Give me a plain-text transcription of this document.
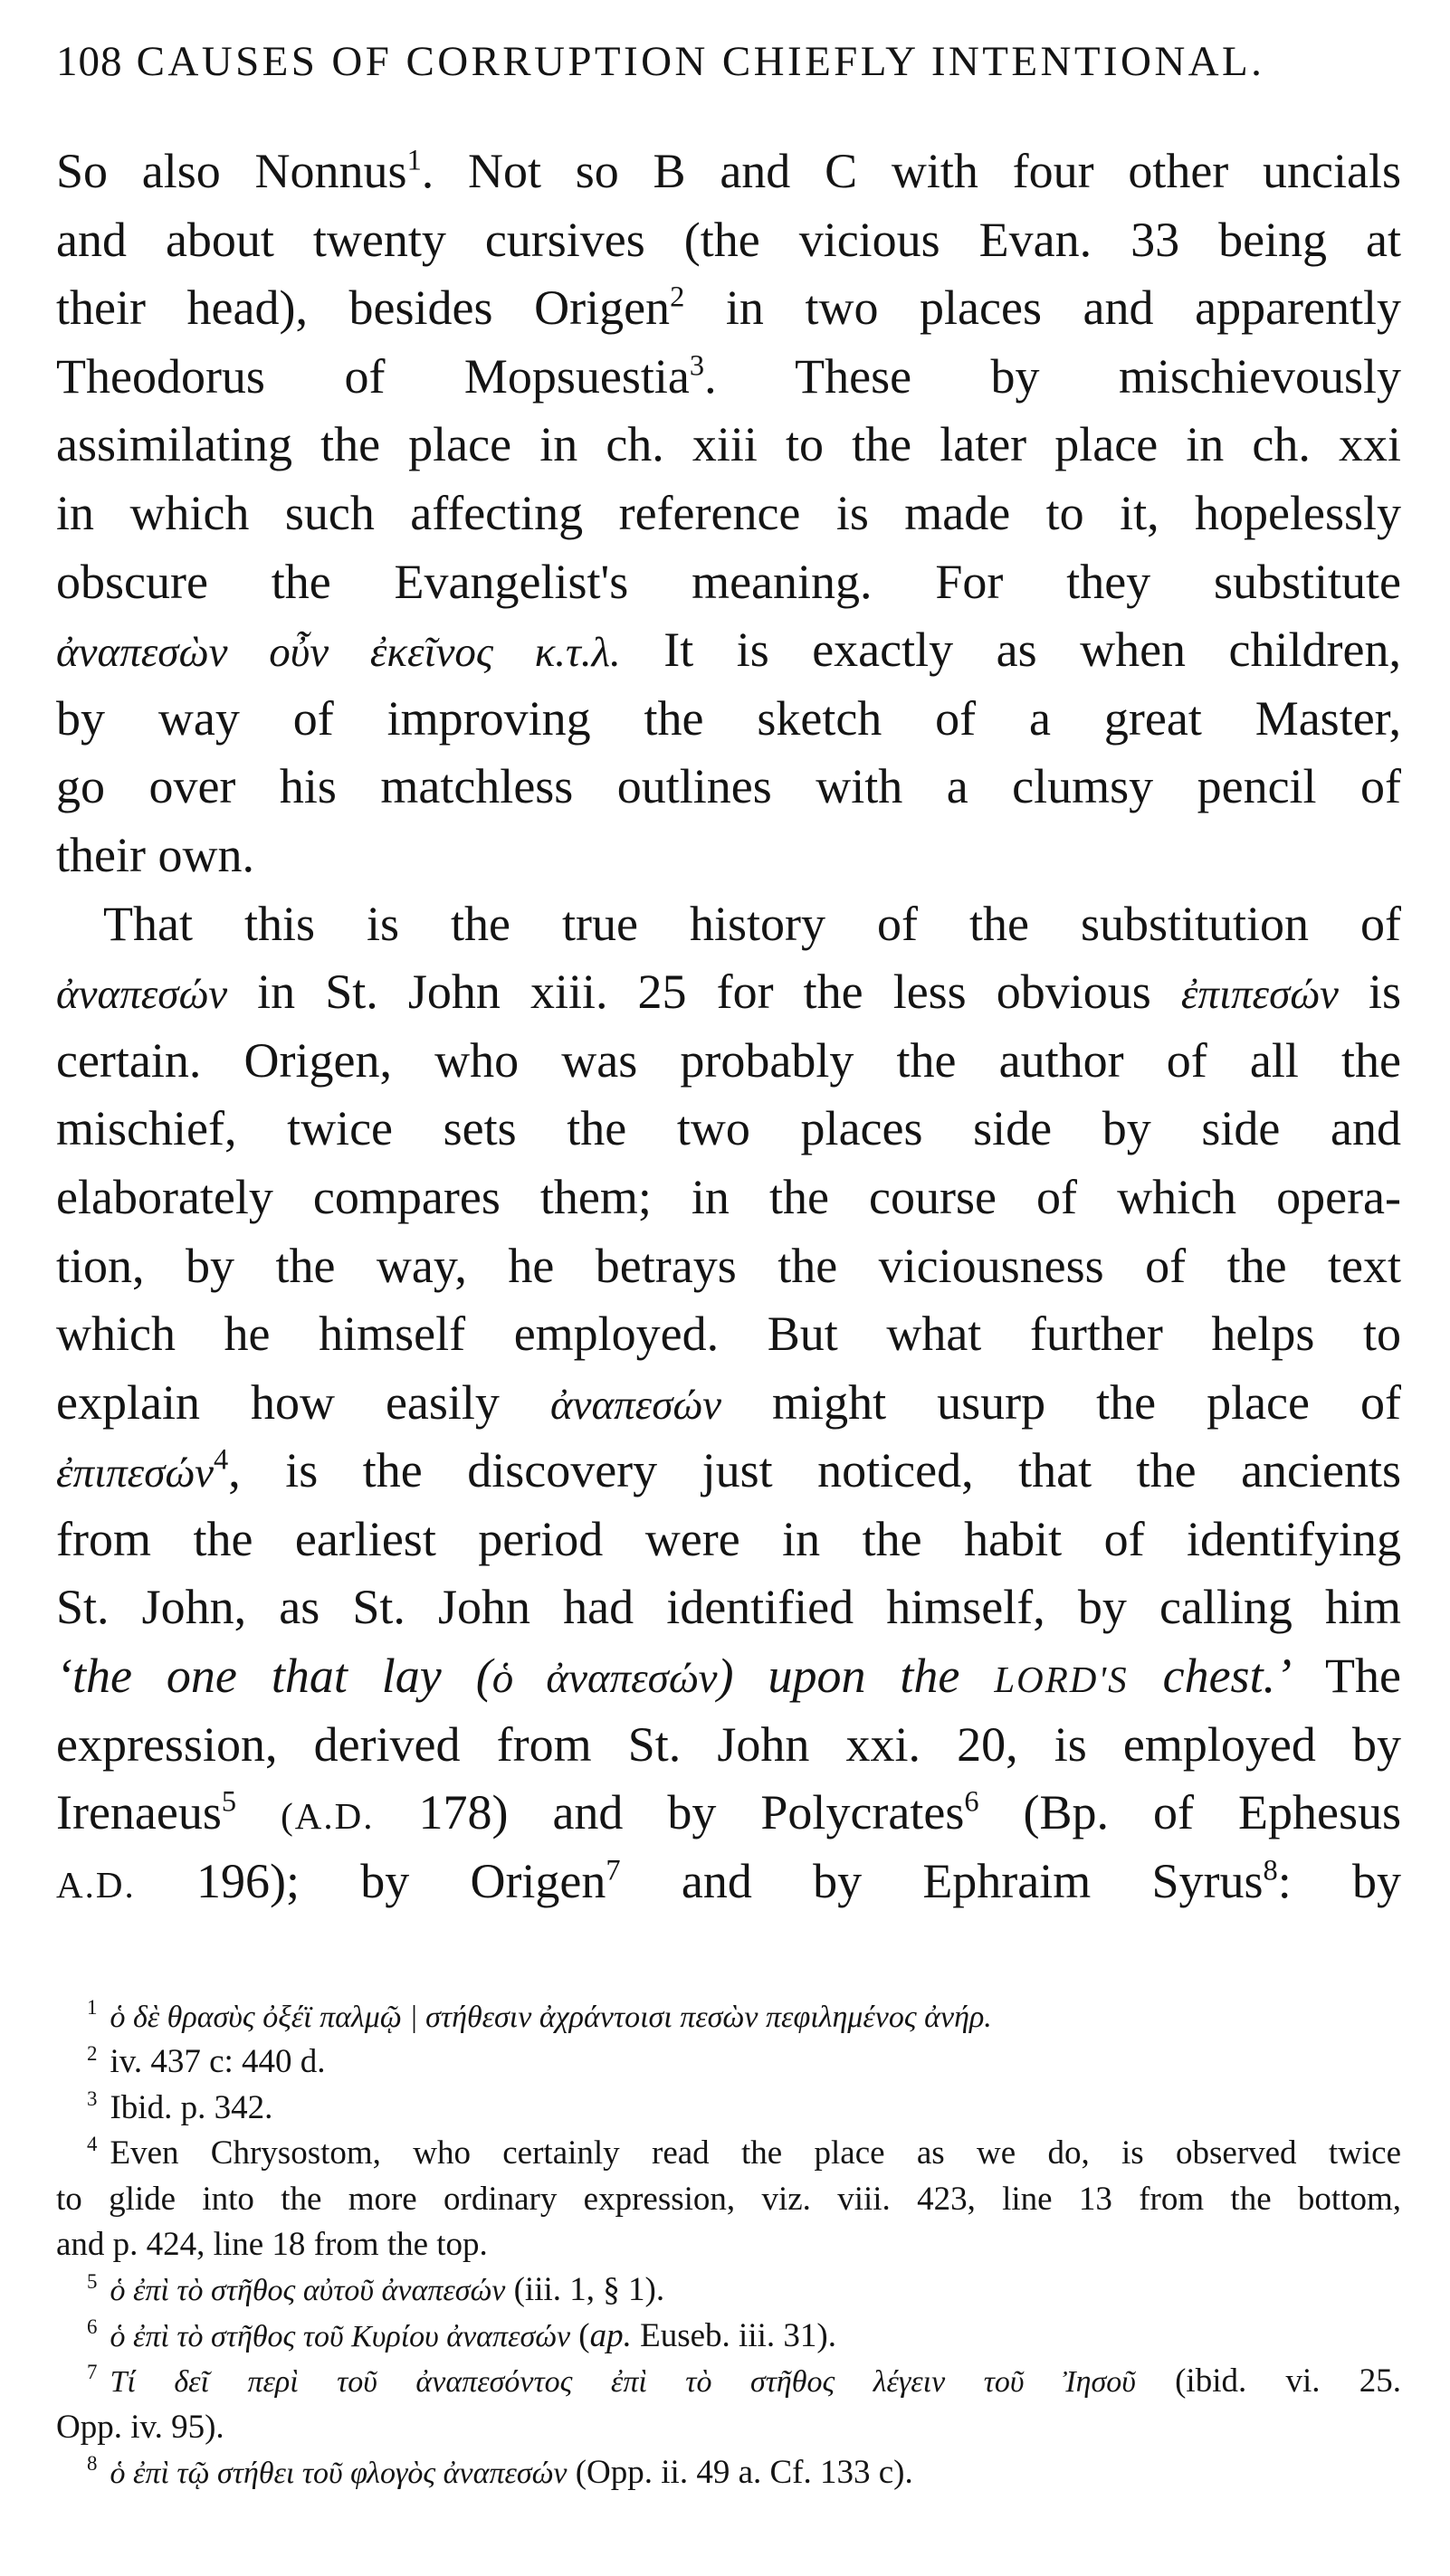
108 CAUSES OF CORRUPTION CHIEFLY INTENTIONAL.
So also Nonnus$^1$. Not so B and C with four other uncials
and about twenty cursives (the vicious Evan. 33 being at
their head), besides Origen$^2$ in two places and apparently
Theodorus of Mopsuestia$^3$. These by mischievously
assimilating the place in ch. xiii to the later place in ch. xxi
in which such affecting reference is made to it, hopelessly
obscure the Evangelist's meaning. For they substitute
ἀναπεσὼν οὖν ἐκεῖνος κ.τ.λ. It is exactly as when children,
by way of improving the sketch of a great Master,
go over his matchless outlines with a clumsy pencil of
their own.
That this is the true history of the substitution of
ἀναπεσών in St. John xiii. 25 for the less obvious ἐπιπεσών is
certain. Origen, who was probably the author of all the
mischief, twice sets the two places side by side and
elaborately compares them; in the course of which opera-
tion, by the way, he betrays the viciousness of the text
which he himself employed. But what further helps to
explain how easily ἀναπεσών might usurp the place of
ἐπιπεσών$^4$, is the discovery just noticed, that the ancients
from the earliest period were in the habit of identifying
St. John, as St. John had identified himself, by calling him
‘the one that lay (ὁ ἀναπεσών) upon the LORD'S chest.’ The
expression, derived from St. John xxi. 20, is employed by
Irenaeus$^5$ (A.D. 178) and by Polycrates$^6$ (Bp. of Ephesus
A.D. 196); by Origen$^7$ and by Ephraim Syrus$^8$: by
$^1$ ὁ δὲ θρασὺς ὀξέϊ παλμῷ | στήθεσιν ἀχράντοισι πεσὼν πεφιλημένος ἀνήρ.
$^2$ iv. 437 c: 440 d.
$^3$ Ibid. p. 342.
$^4$ Even Chrysostom, who certainly read the place as we do, is observed twice
to glide into the more ordinary expression, viz. viii. 423, line 13 from the bottom,
and p. 424, line 18 from the top.
$^5$ ὁ ἐπὶ τὸ στῆθος αὐτοῦ ἀναπεσών (iii. 1, § 1).
$^6$ ὁ ἐπὶ τὸ στῆθος τοῦ Κυρίου ἀναπεσών (ap. Euseb. iii. 31).
$^7$ Τί δεῖ περὶ τοῦ ἀναπεσόντος ἐπὶ τὸ στῆθος λέγειν τοῦ Ἰησοῦ (ibid. vi. 25.
Opp. iv. 95).
$^8$ ὁ ἐπὶ τῷ στήθει τοῦ φλογὸς ἀναπεσών (Opp. ii. 49 a. Cf. 133 c).
